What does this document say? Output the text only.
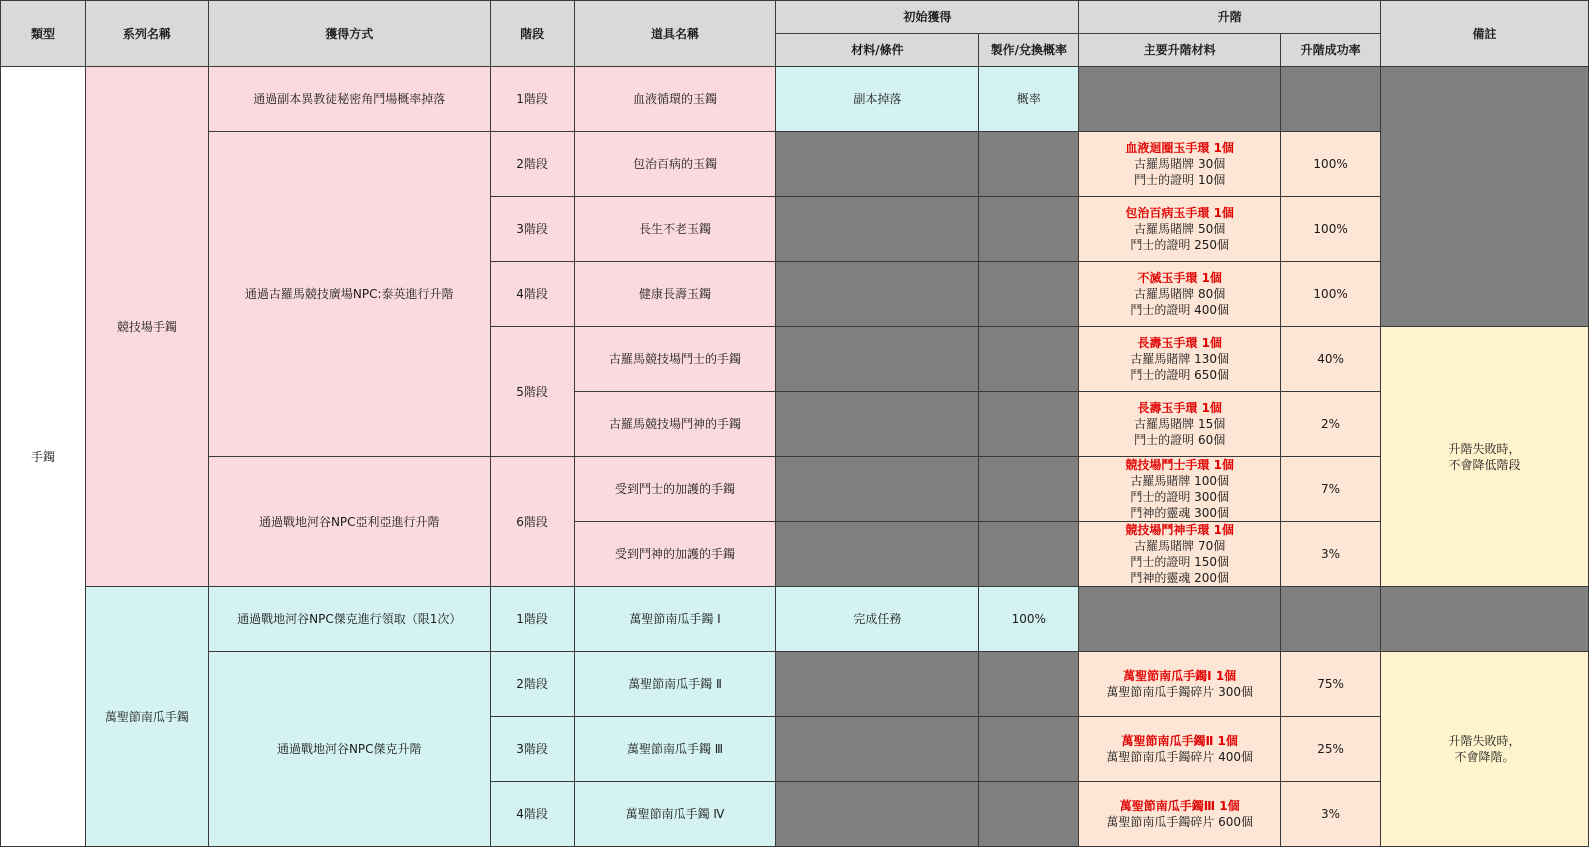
類型	系列名稱	獲得方式	階段	道具名稱	初始獲得		升階		備註
					材料/條件	製作/兌換概率	主要升階材料	升階成功率	
手鐲	競技場手鐲	通過副本異教徒秘密角鬥場概率掉落	1階段	血液循環的玉鐲	副本掉落	概率			
		通過古羅馬競技廣場NPC:泰英進行升階	2階段	包治百病的玉鐲			血液迴圈玉手環 1個
古羅馬賭牌 30個
鬥士的證明 10個	100%	
			3階段	長生不老玉鐲			包治百病玉手環 1個
古羅馬賭牌 50個
鬥士的證明 250個	100%	
			4階段	健康長壽玉鐲			不滅玉手環 1個
古羅馬賭牌 80個
鬥士的證明 400個	100%	
			5階段	古羅馬競技場鬥士的手鐲			長壽玉手環 1個
古羅馬賭牌 130個
鬥士的證明 650個	40%	升階失敗時，
不會降低階段

				古羅馬競技場鬥神的手鐲			長壽玉手環 1個
古羅馬賭牌 15個
鬥士的證明 60個	2%	
		通過戰地河谷NPC亞利亞進行升階	6階段	受到鬥士的加護的手鐲			競技場鬥士手環 1個
古羅馬賭牌 100個
鬥士的證明 300個
鬥神的靈魂 300個	7%	
				受到鬥神的加護的手鐲			競技場鬥神手環 1個
古羅馬賭牌 70個
鬥士的證明 150個
鬥神的靈魂 200個	3%	
	萬聖節南瓜手鐲	通過戰地河谷NPC傑克進行領取（限1次）	1階段	萬聖節南瓜手鐲 Ⅰ	完成任務	100%			
		通過戰地河谷NPC傑克升階	2階段	萬聖節南瓜手鐲 Ⅱ			萬聖節南瓜手鐲Ⅰ 1個
萬聖節南瓜手鐲碎片 300個	75%	升階失敗時，
不會降階。

			3階段	萬聖節南瓜手鐲 Ⅲ			萬聖節南瓜手鐲Ⅱ 1個
萬聖節南瓜手鐲碎片 400個	25%	
			4階段	萬聖節南瓜手鐲 Ⅳ			萬聖節南瓜手鐲Ⅲ 1個
萬聖節南瓜手鐲碎片 600個	3%	
